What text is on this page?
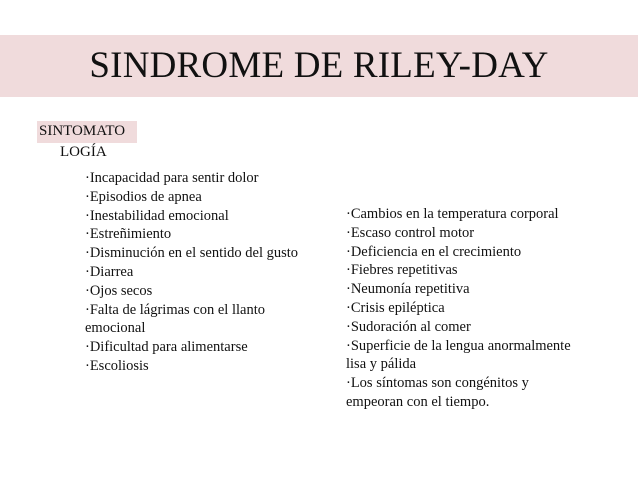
SINDROME DE RILEY-DAY
SINTOMATO
LOGÍA
·Incapacidad para sentir dolor
·Episodios de apnea
·Inestabilidad emocional
·Estreñimiento
·Disminución en el sentido del gusto
·Diarrea
·Ojos secos
·Falta de lágrimas con el llanto emocional
·Dificultad para alimentarse
·Escoliosis
·Cambios en la temperatura corporal
·Escaso control motor
·Deficiencia en el crecimiento
·Fiebres repetitivas
·Neumonía repetitiva
·Crisis epiléptica
·Sudoración al comer
·Superficie de la lengua anormalmente lisa y pálida
·Los síntomas son congénitos y empeoran con el tiempo.
